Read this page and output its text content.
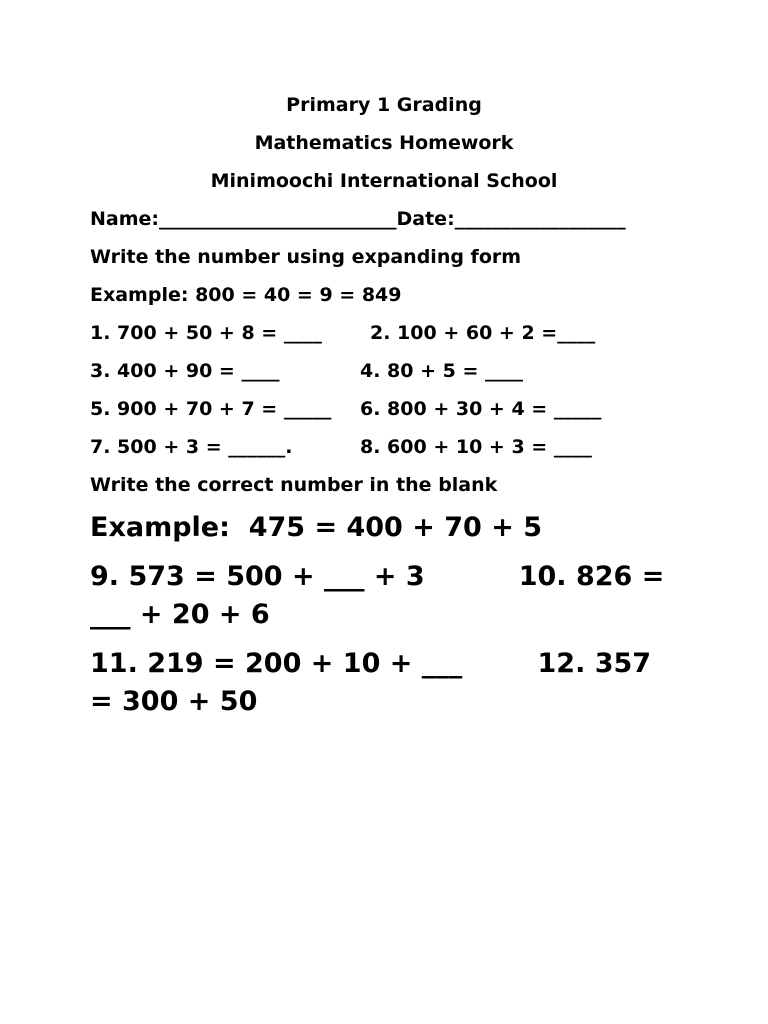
Primary 1 Grading
Mathematics Homework
Minimoochi International School
Name:_________________________Date:__________________
Write the number using expanding form
Example: 800 = 40 = 9 = 849
1. 700 + 50 + 8 = ____	2. 100 + 60 + 2 =____
3. 400 + 90 = ____	4. 80 + 5 = ____
5. 900 + 70 + 7 = _____ 6. 800 + 30 + 4 = _____
7. 500 + 3 = ______.	8. 600 + 10 + 3 = ____
Write the correct number in the blank
Example:  475 = 400 + 70 + 5
9. 573 = 500 + ___ + 3          10. 826 =
___ + 20 + 6
11. 219 = 200 + 10 + ___        12. 357
= 300 + 50
